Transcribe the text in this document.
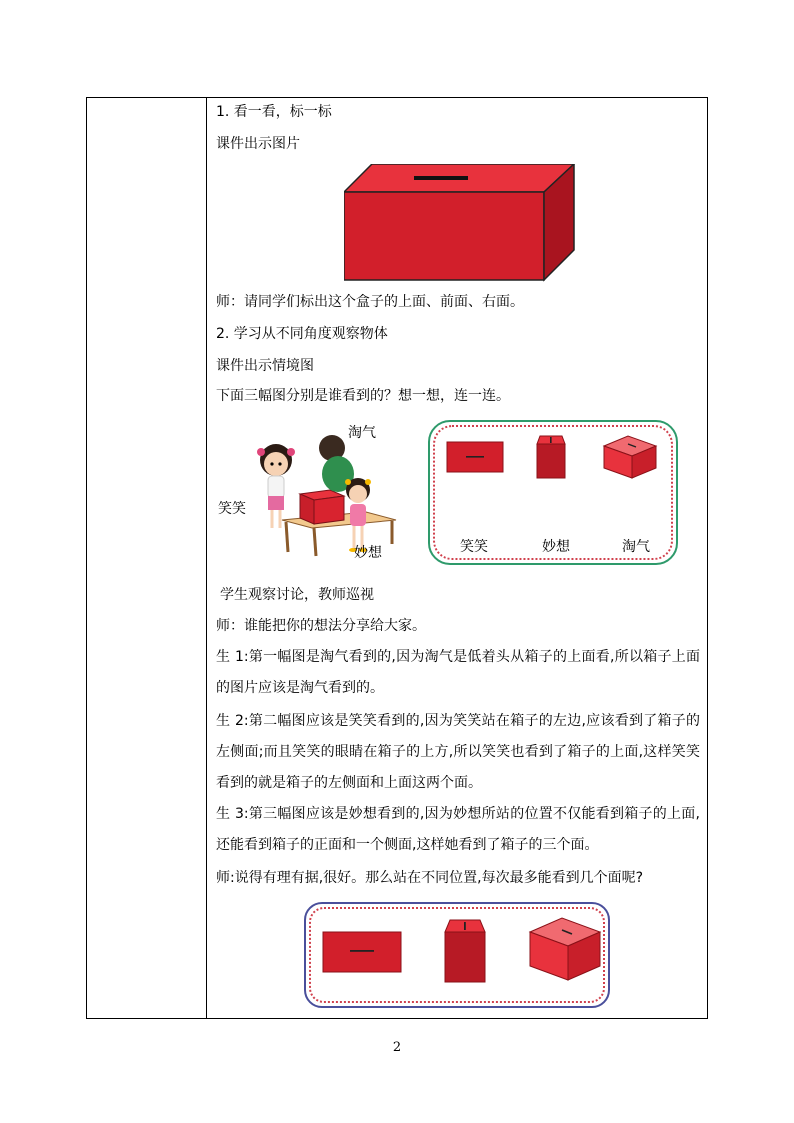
1. 看一看，标一标
课件出示图片
师：请同学们标出这个盒子的上面、前面、右面。
2. 学习从不同角度观察物体
课件出示情境图
下面三幅图分别是谁看到的？想一想，连一连。
淘气
笑笑
妙想	笑笑	妙想	淘气
学生观察讨论，教师巡视
师：谁能把你的想法分享给大家。
生 1:第一幅图是淘气看到的,因为淘气是低着头从箱子的上面看,所以箱子上面的图片应该是淘气看到的。
生 2:第二幅图应该是笑笑看到的,因为笑笑站在箱子的左边,应该看到了箱子的左侧面;而且笑笑的眼睛在箱子的上方,所以笑笑也看到了箱子的上面,这样笑笑看到的就是箱子的左侧面和上面这两个面。
生 3:第三幅图应该是妙想看到的,因为妙想所站的位置不仅能看到箱子的上面,还能看到箱子的正面和一个侧面,这样她看到了箱子的三个面。
师:说得有理有据,很好。那么站在不同位置,每次最多能看到几个面呢?
2
